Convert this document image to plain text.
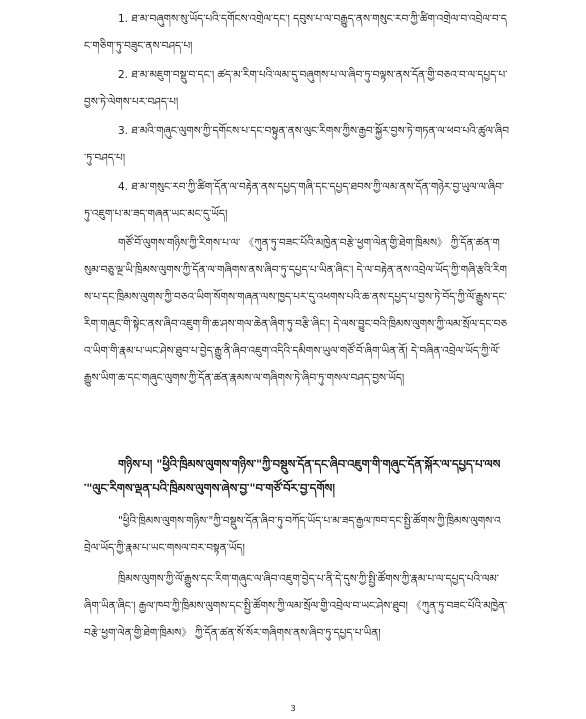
1. ཐ་མ་བཞུགས་སུ་ཡོད་པའི་དགོངས་འགྲེལ་དང་། དབུས་པ་ལ་བརྒྱུད་ནས་གསུང་རབ་ཀྱི་ཚིག་འགྲེལ་བ་འབྲེལ་བ་དང་གཅིག་ཏུ་བཟུང་ནས་བཤད་པ།

2. ཐ་མ་མཇུག་བསྡུ་བ་དང་། ཚད་མ་རིག་པའི་ལམ་དུ་བཞུགས་པ་ལ་ཞིབ་ཏུ་བལྟས་ནས་དོན་གྱི་བཅའ་བ་ལ་དཔྱད་པ་བྱས་ཏེ་ལེགས་པར་བཤད་པ།

3. ཐ་མའི་གཞུང་ལུགས་ཀྱི་དགོངས་པ་དང་བསྟུན་ནས་ལུང་རིགས་ཀྱིས་རྒྱབ་སྐྱོར་བྱས་ཏེ་གཏན་ལ་ཕབ་པའི་ཚུལ་ཞིབ་ཏུ་བཤད་པ།

4. ཐ་མ་གསུང་རབ་ཀྱི་ཚིག་དོན་ལ་བརྟེན་ནས་དཔྱད་གཞི་དང་དཔྱད་ཐབས་ཀྱི་ལམ་ནས་དོན་གཉེར་བྱ་ཡུལ་ལ་ཞིབ་ཏུ་འཇུག་པ་མ་ཟད་གཞན་ཡང་མང་དུ་ཡོད།

གཙོ་བོ་ལུགས་གཉིས་ཀྱི་རིགས་པ་ལ་ 《ཀུན་ཏུ་བཟང་པོའི་མཁྱེན་བརྩེ་ཕྱག་ལེན་གྱི་ཐེག་ཁྲིམས》 ཀྱི་དོན་ཚན་གསུམ་བཅུ་ལྔ་ཡི་ཁྲིམས་ལུགས་ཀྱི་དོན་ལ་གཞིགས་ནས་ཞིབ་ཏུ་དཔྱད་པ་ཡིན་ཞིང་། དེ་ལ་བརྟེན་ནས་འབྲེལ་ཡོད་ཀྱི་གཞི་རྩའི་རིགས་པ་དང་ཁྲིམས་ལུགས་ཀྱི་བཅའ་ཡིག་སོགས་གཞན་ལས་ཁྱད་པར་དུ་འཕགས་པའི་ཆ་ནས་དཔྱད་པ་བྱས་ཏེ་བོད་ཀྱི་ལོ་རྒྱུས་དང་རིག་གཞུང་གི་སྟེང་ནས་ཞིབ་འཇུག་གི་ཆ་ཤས་གལ་ཆེན་ཞིག་ཏུ་བརྩི་ཞིང་། དེ་ལས་བྱུང་བའི་ཁྲིམས་ལུགས་ཀྱི་ལམ་སྲོལ་དང་བཅའ་ཡིག་གི་རྣམ་པ་ཡང་ཤེས་ཐུབ་པ་བྱེད་རྒྱུ་ནི་ཞིབ་འཇུག་འདིའི་དམིགས་ཡུལ་གཙོ་བོ་ཞིག་ཡིན་ནོ། དེ་བཞིན་འབྲེལ་ཡོད་ཀྱི་ལོ་རྒྱུས་ཡིག་ཆ་དང་གཞུང་ལུགས་ཀྱི་དོན་ཚན་རྣམས་ལ་གཞིགས་ཏེ་ཞིབ་ཏུ་གསལ་བཤད་བྱས་ཡོད།

གཉིས་པ། "ཕྱིའི་ཁྲིམས་ལུགས་གཉིས་"ཀྱི་བསྡུས་དོན་དང་ཞིབ་འཇུག་གི་གཞུང་དོན་སྐོར་ལ་དཔྱད་པ་ལས་"ལུང་རིགས་ལྡན་པའི་ཁྲིམས་ལུགས་ཞེས་བྱ་"བ་གཙོ་བོར་བྱ་དགོས།

"ཕྱིའི་ཁྲིམས་ལུགས་གཉིས་"ཀྱི་བསྡུས་དོན་ཞིབ་ཏུ་བཀོད་ཡོད་པ་མ་ཟད་རྒྱལ་ཁབ་དང་སྤྱི་ཚོགས་ཀྱི་ཁྲིམས་ལུགས་འབྲེལ་ཡོད་ཀྱི་རྣམ་པ་ཡང་གསལ་བར་བསྟན་ཡོད།

ཁྲིམས་ལུགས་ཀྱི་ལོ་རྒྱུས་དང་རིག་གཞུང་ལ་ཞིབ་འཇུག་བྱེད་པ་ནི་དེ་དུས་ཀྱི་སྤྱི་ཚོགས་ཀྱི་རྣམ་པ་ལ་དཔྱད་པའི་ལམ་ཞིག་ཡིན་ཞིང་། རྒྱལ་ཁབ་ཀྱི་ཁྲིམས་ལུགས་དང་སྤྱི་ཚོགས་ཀྱི་ལམ་སྲོལ་གྱི་འབྲེལ་བ་ཡང་ཤེས་ཐུབ། 《ཀུན་ཏུ་བཟང་པོའི་མཁྱེན་བརྩེ་ཕྱག་ལེན་གྱི་ཐེག་ཁྲིམས》 ཀྱི་དོན་ཚན་སོ་སོར་གཞིགས་ནས་ཞིབ་ཏུ་དཔྱད་པ་ཡིན།

3
